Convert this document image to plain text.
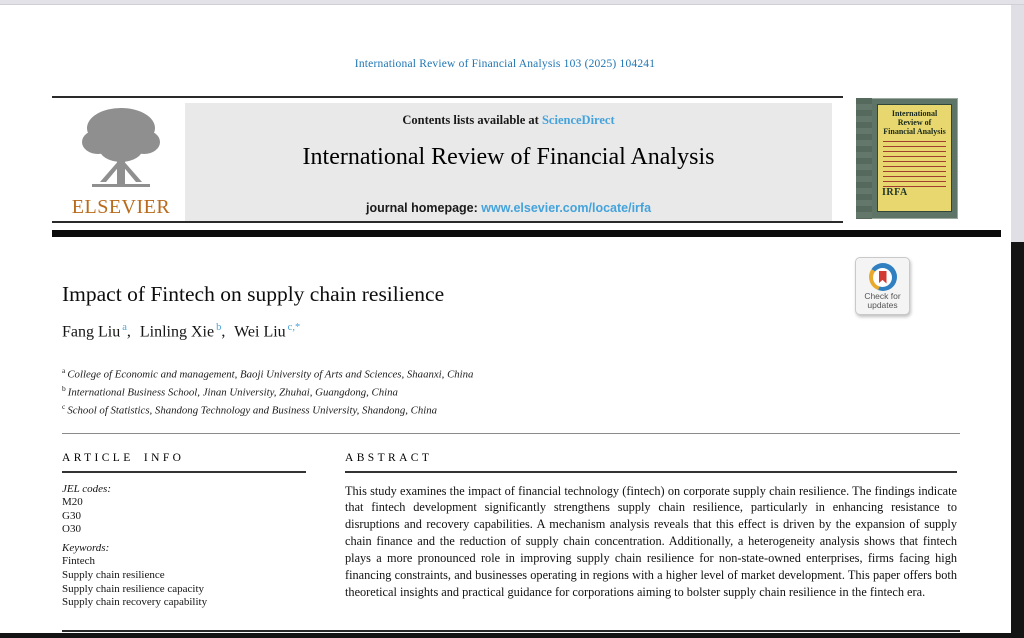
International Review of Financial Analysis 103 (2025) 104241
ELSEVIER
Contents lists available at ScienceDirect
International Review of Financial Analysis
journal homepage: www.elsevier.com/locate/irfa
International Review of Financial Analysis
IRFA
Check for updates
Impact of Fintech on supply chain resilience
Fang Liu $^a$, Linling Xie $^b$, Wei Liu $^{c,*}$
$^a$ College of Economic and management, Baoji University of Arts and Sciences, Shaanxi, China
$^b$ International Business School, Jinan University, Zhuhai, Guangdong, China
$^c$ School of Statistics, Shandong Technology and Business University, Shandong, China
ARTICLE INFO
JEL codes:
M20
G30
O30
Keywords:
Fintech
Supply chain resilience
Supply chain resilience capacity
Supply chain recovery capability
ABSTRACT

This study examines the impact of financial technology (fintech) on corporate supply chain resilience. The findings indicate that fintech development significantly strengthens supply chain resilience, particularly in enhancing resistance to disruptions and recovery capabilities. A mechanism analysis reveals that this effect is driven by the expansion of supply chain finance and the reduction of supply chain concentration. Additionally, a heterogeneity analysis shows that fintech plays a more pronounced role in improving supply chain resilience for non-state-owned enterprises, firms facing high financing constraints, and businesses operating in regions with a higher level of market development. This paper offers both theoretical insights and practical guidance for corporations aiming to bolster supply chain resilience in the fintech era.
